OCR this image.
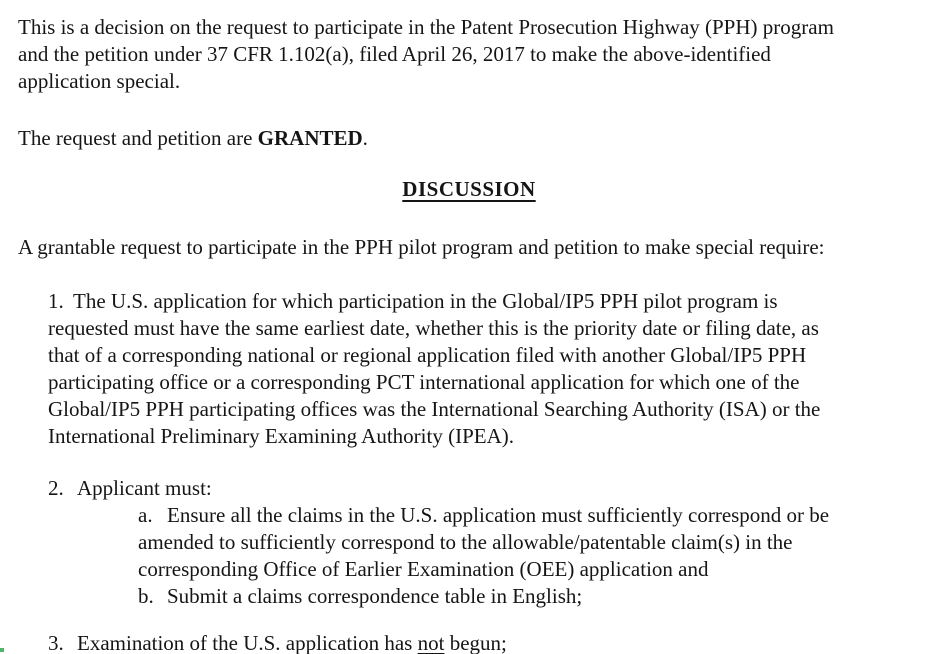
This is a decision on the request to participate in the Patent Prosecution Highway (PPH) program
and the petition under 37 CFR 1.102(a), filed April 26, 2017 to make the above-identified
application special.
The request and petition are GRANTED.
DISCUSSION
A grantable request to participate in the PPH pilot program and petition to make special require:
1. The U.S. application for which participation in the Global/IP5 PPH pilot program is
requested must have the same earliest date, whether this is the priority date or filing date, as
that of a corresponding national or regional application filed with another Global/IP5 PPH
participating office or a corresponding PCT international application for which one of the
Global/IP5 PPH participating offices was the International Searching Authority (ISA) or the
International Preliminary Examining Authority (IPEA).
2. Applicant must:
a. Ensure all the claims in the U.S. application must sufficiently correspond or be
amended to sufficiently correspond to the allowable/patentable claim(s) in the
corresponding Office of Earlier Examination (OEE) application and
b. Submit a claims correspondence table in English;
3. Examination of the U.S. application has not begun;
